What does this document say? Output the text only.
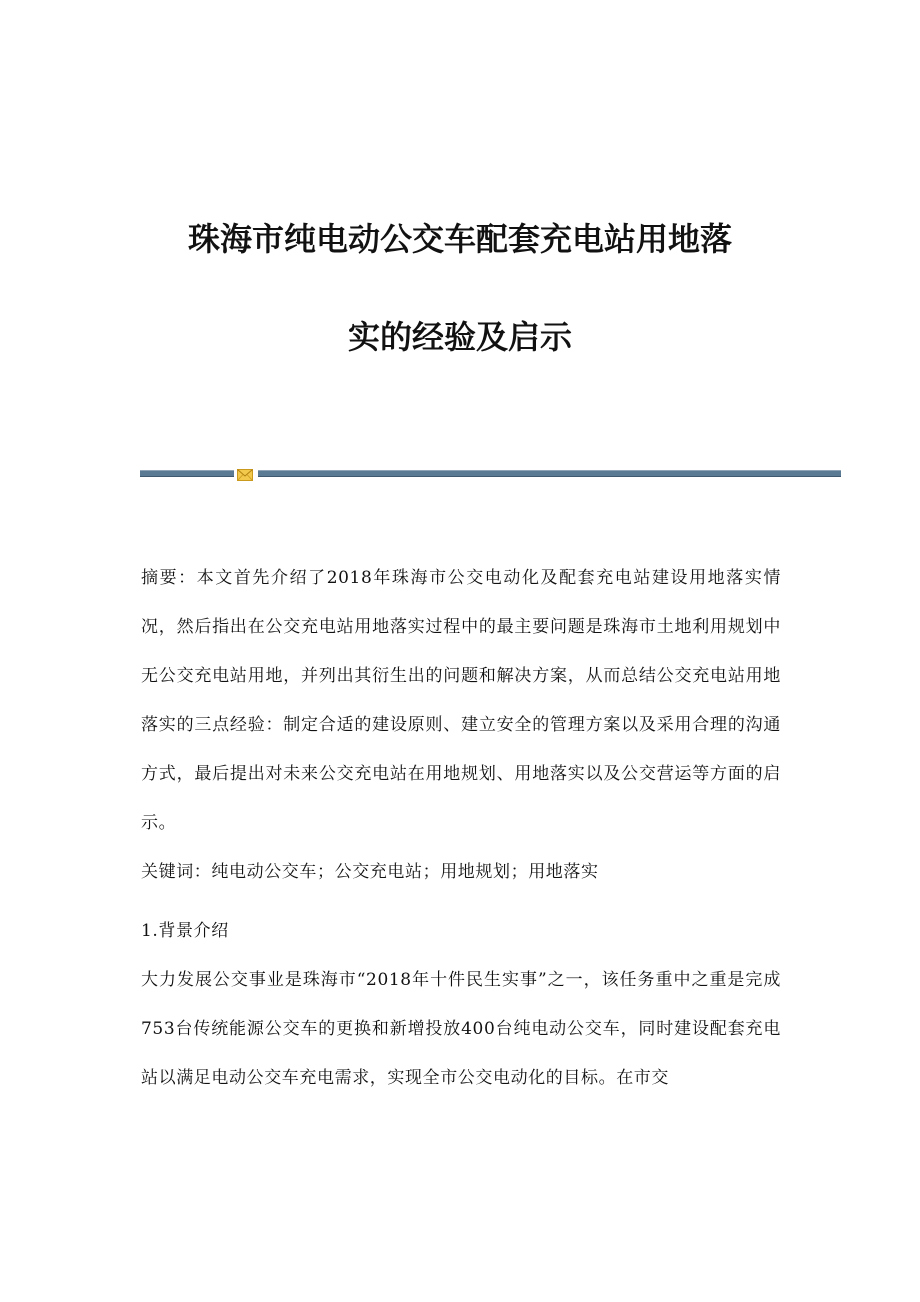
珠海市纯电动公交车配套充电站用地落
实的经验及启示

摘要：本文首先介绍了2018年珠海市公交电动化及配套充电站建设用地落实情况，然后指出在公交充电站用地落实过程中的最主要问题是珠海市土地利用规划中无公交充电站用地，并列出其衍生出的问题和解决方案，从而总结公交充电站用地落实的三点经验：制定合适的建设原则、建立安全的管理方案以及采用合理的沟通方式，最后提出对未来公交充电站在用地规划、用地落实以及公交营运等方面的启示。

关键词：纯电动公交车；公交充电站；用地规划；用地落实

1.背景介绍

大力发展公交事业是珠海市“2018年十件民生实事”之一，该任务重中之重是完成753台传统能源公交车的更换和新增投放400台纯电动公交车，同时建设配套充电站以满足电动公交车充电需求，实现全市公交电动化的目标。在市交
